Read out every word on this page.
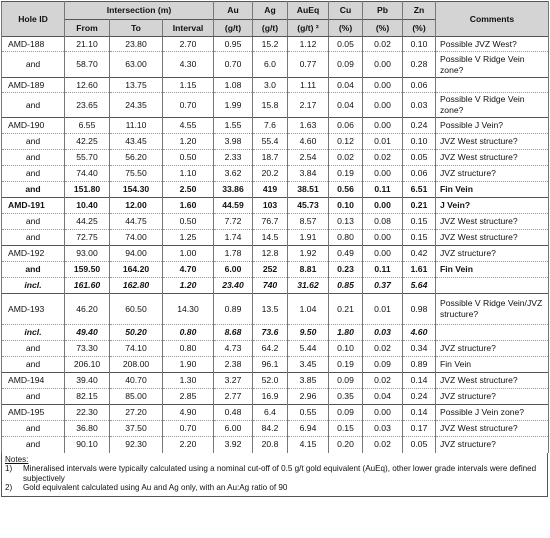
Hole ID	Intersection (m)			Au	Ag	AuEq	Cu	Pb	Zn	Comments
	From	To	Interval	(g/t)	(g/t)	(g/t) ²	(%)	(%)	(%)	
AMD-188	21.10	23.80	2.70	0.95	15.2	1.12	0.05	0.02	0.10	Possible JVZ West?
and	58.70	63.00	4.30	0.70	6.0	0.77	0.09	0.00	0.28	Possible V Ridge Vein zone?
AMD-189	12.60	13.75	1.15	1.08	3.0	1.11	0.04	0.00	0.06	
and	23.65	24.35	0.70	1.99	15.8	2.17	0.04	0.00	0.03	Possible V Ridge Vein zone?
AMD-190	6.55	11.10	4.55	1.55	7.6	1.63	0.06	0.00	0.24	Possible J Vein?
and	42.25	43.45	1.20	3.98	55.4	4.60	0.12	0.01	0.10	JVZ West structure?
and	55.70	56.20	0.50	2.33	18.7	2.54	0.02	0.02	0.05	JVZ West structure?
and	74.40	75.50	1.10	3.62	20.2	3.84	0.19	0.00	0.06	JVZ structure?
and	151.80	154.30	2.50	33.86	419	38.51	0.56	0.11	6.51	Fin Vein
AMD-191	10.40	12.00	1.60	44.59	103	45.73	0.10	0.00	0.21	J Vein?
and	44.25	44.75	0.50	7.72	76.7	8.57	0.13	0.08	0.15	JVZ West structure?
and	72.75	74.00	1.25	1.74	14.5	1.91	0.80	0.00	0.15	JVZ West structure?
AMD-192	93.00	94.00	1.00	1.78	12.8	1.92	0.49	0.00	0.42	JVZ structure?
and	159.50	164.20	4.70	6.00	252	8.81	0.23	0.11	1.61	Fin Vein
incl.	161.60	162.80	1.20	23.40	740	31.62	0.85	0.37	5.64	
AMD-193	46.20	60.50	14.30	0.89	13.5	1.04	0.21	0.01	0.98	Possible V Ridge Vein/JVZ structure?
incl.	49.40	50.20	0.80	8.68	73.6	9.50	1.80	0.03	4.60	
and	73.30	74.10	0.80	4.73	64.2	5.44	0.10	0.02	0.34	JVZ structure?
and	206.10	208.00	1.90	2.38	96.1	3.45	0.19	0.09	0.89	Fin Vein
AMD-194	39.40	40.70	1.30	3.27	52.0	3.85	0.09	0.02	0.14	JVZ West structure?
and	82.15	85.00	2.85	2.77	16.9	2.96	0.35	0.04	0.24	JVZ structure?
AMD-195	22.30	27.20	4.90	0.48	6.4	0.55	0.09	0.00	0.14	Possible J Vein zone?
and	36.80	37.50	0.70	6.00	84.2	6.94	0.15	0.03	0.17	JVZ West structure?
and	90.10	92.30	2.20	3.92	20.8	4.15	0.20	0.02	0.05	JVZ structure?
Notes:
1)	Mineralised intervals were typically calculated using a nominal cut-off of 0.5 g/t gold equivalent (AuEq), other lower grade intervals were defined subjectively
2)	Gold equivalent calculated using Au and Ag only, with an Au:Ag ratio of 90
